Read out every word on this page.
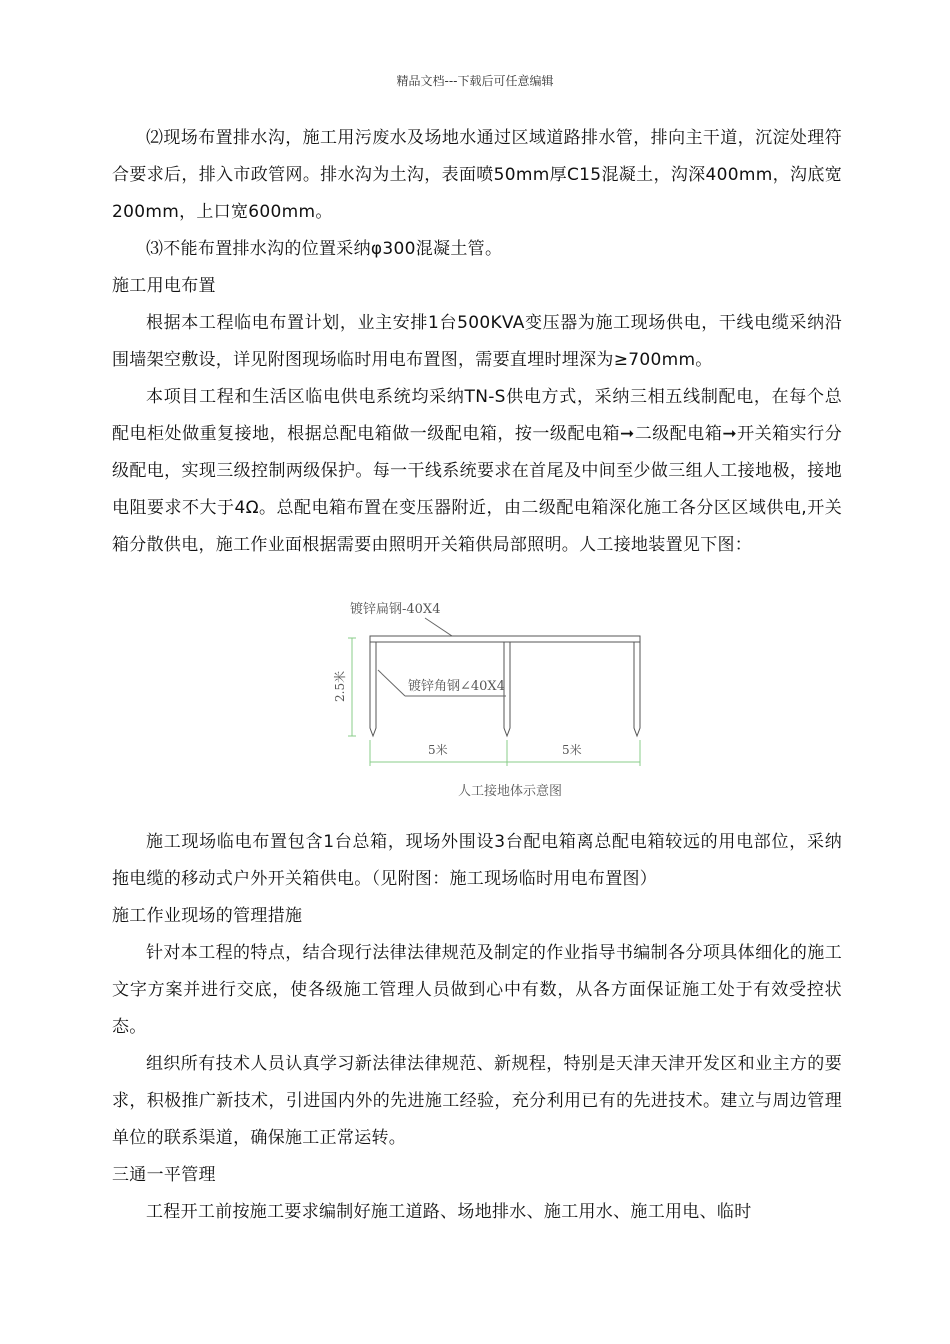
精品文档---下载后可任意编辑

⑵现场布置排水沟，施工用污废水及场地水通过区域道路排水管，排向主干道，沉淀处理符合要求后，排入市政管网。排水沟为土沟，表面喷50mm厚C15混凝土，沟深400mm，沟底宽200mm，上口宽600mm。

⑶不能布置排水沟的位置采纳φ300混凝土管。

施工用电布置

根据本工程临电布置计划，业主安排1台500KVA变压器为施工现场供电，干线电缆采纳沿围墙架空敷设，详见附图现场临时用电布置图，需要直埋时埋深为≥700mm。

本项目工程和生活区临电供电系统均采纳TN-S供电方式，采纳三相五线制配电，在每个总配电柜处做重复接地，根据总配电箱做一级配电箱，按一级配电箱➞二级配电箱➞开关箱实行分级配电，实现三级控制两级保护。每一干线系统要求在首尾及中间至少做三组人工接地极，接地电阻要求不大于4Ω。总配电箱布置在变压器附近，由二级配电箱深化施工各分区区域供电,开关箱分散供电，施工作业面根据需要由照明开关箱供局部照明。人工接地装置见下图：

镀锌扁钢-40X4
镀锌角钢∠40X4
2.5米
5米	5米
人工接地体示意图

施工现场临电布置包含1台总箱，现场外围设3台配电箱离总配电箱较远的用电部位，采纳拖电缆的移动式户外开关箱供电。（见附图：施工现场临时用电布置图）

施工作业现场的管理措施

针对本工程的特点，结合现行法律法律规范及制定的作业指导书编制各分项具体细化的施工文字方案并进行交底，使各级施工管理人员做到心中有数，从各方面保证施工处于有效受控状态。

组织所有技术人员认真学习新法律法律规范、新规程，特别是天津天津开发区和业主方的要求，积极推广新技术，引进国内外的先进施工经验，充分利用已有的先进技术。建立与周边管理单位的联系渠道，确保施工正常运转。

三通一平管理

工程开工前按施工要求编制好施工道路、场地排水、施工用水、施工用电、临时
